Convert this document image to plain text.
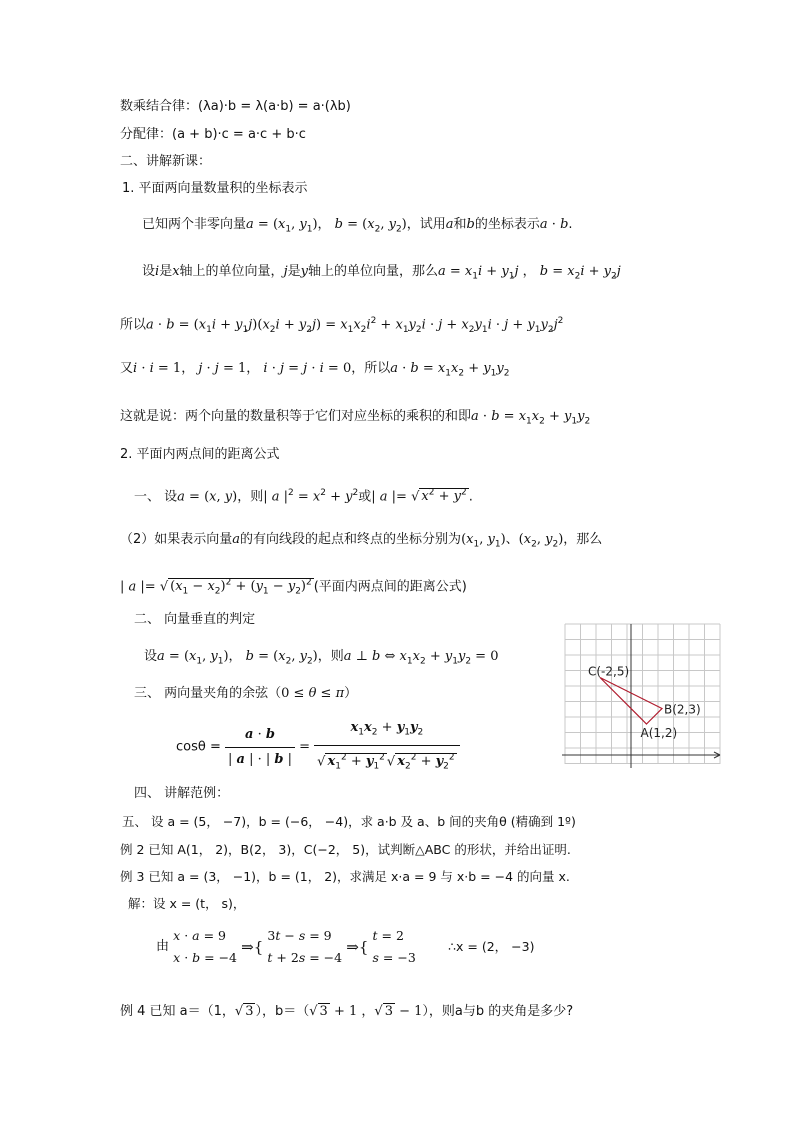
数乘结合律：(λa)·b = λ(a·b) = a·(λb)
分配律：(a + b)·c = a·c + b·c
二、讲解新课：
1. 平面两向量数量积的坐标表示
已知两个非零向量$a = (x_1$, $y_1$)， $b = (x_2$, $y_2$)，试用a和b的坐标表示a · b.
设i是x轴上的单位向量，j是y轴上的单位向量，那么$a = x_1i + y_1j$ ， $b = x_2i + y_2j$
所以$a \cdot b = (x_1i + y_1j)(x_2i + y_2j) = x_1x_2i^2 + x_1y_2i \cdot j + x_2y_1i \cdot j + y_1y_2j^2$
又i · i = 1， j · j = 1， i · j = j · i = 0，所以$a \cdot b = x_1x_2 + y_1y_2$
这就是说：两个向量的数量积等于它们对应坐标的乘积的和即$a \cdot b = x_1x_2 + y_1y_2$
2. 平面内两点间的距离公式
一、 设a = (x, y)，则| a $|^2 = x^2 + y^2$或| a |= √ $x^2 + y^2$ .
（2）如果表示向量a的有向线段的起点和终点的坐标分别为($x_1$, $y_1$)、($x_2$, $y_2$)，那么
| a |= √ $(x_1 - x_2)^2 + (y_1 - y_2)^2$ (平面内两点间的距离公式)
二、 向量垂直的判定
设$a = (x_1$, $y_1$)， $b = (x_2$, $y_2$)，则a ⊥ b ⇔ $x_1x_2 + y_1y_2 = 0$
三、 两向量夹角的余弦（0 ≤ θ ≤ π）
$\cos\theta = \frac{a \cdot b}{| a | \cdot | b |} = \frac{x_1x_2 + y_1y_2}{√ x_1^2 + y_1^2 √ x_2^2 + y_2^2}$
四、 讲解范例：
五、 设 a = (5， −7)，b = (−6， −4)，求 a·b 及 a、b 间的夹角θ (精确到 1º)
例 2 已知 A(1， 2)，B(2， 3)，C(−2， 5)，试判断△ABC 的形状，并给出证明.
例 3 已知 a = (3， −1)，b = (1， 2)，求满足 x·a = 9 与 x·b = −4 的向量 x.
解：设 x = (t， s)，
由
x · a = 9
x · b = −4
⇒{
3t − s = 9
t + 2s = −4
⇒{
t = 2
s = −3
∴x = (2， −3)
例 4 已知 a＝（1，√ 3 ），b＝（√ 3 + 1 ，√ 3 − 1），则a与b 的夹角是多少?
C(-2,5)
B(2,3)
A(1,2)
